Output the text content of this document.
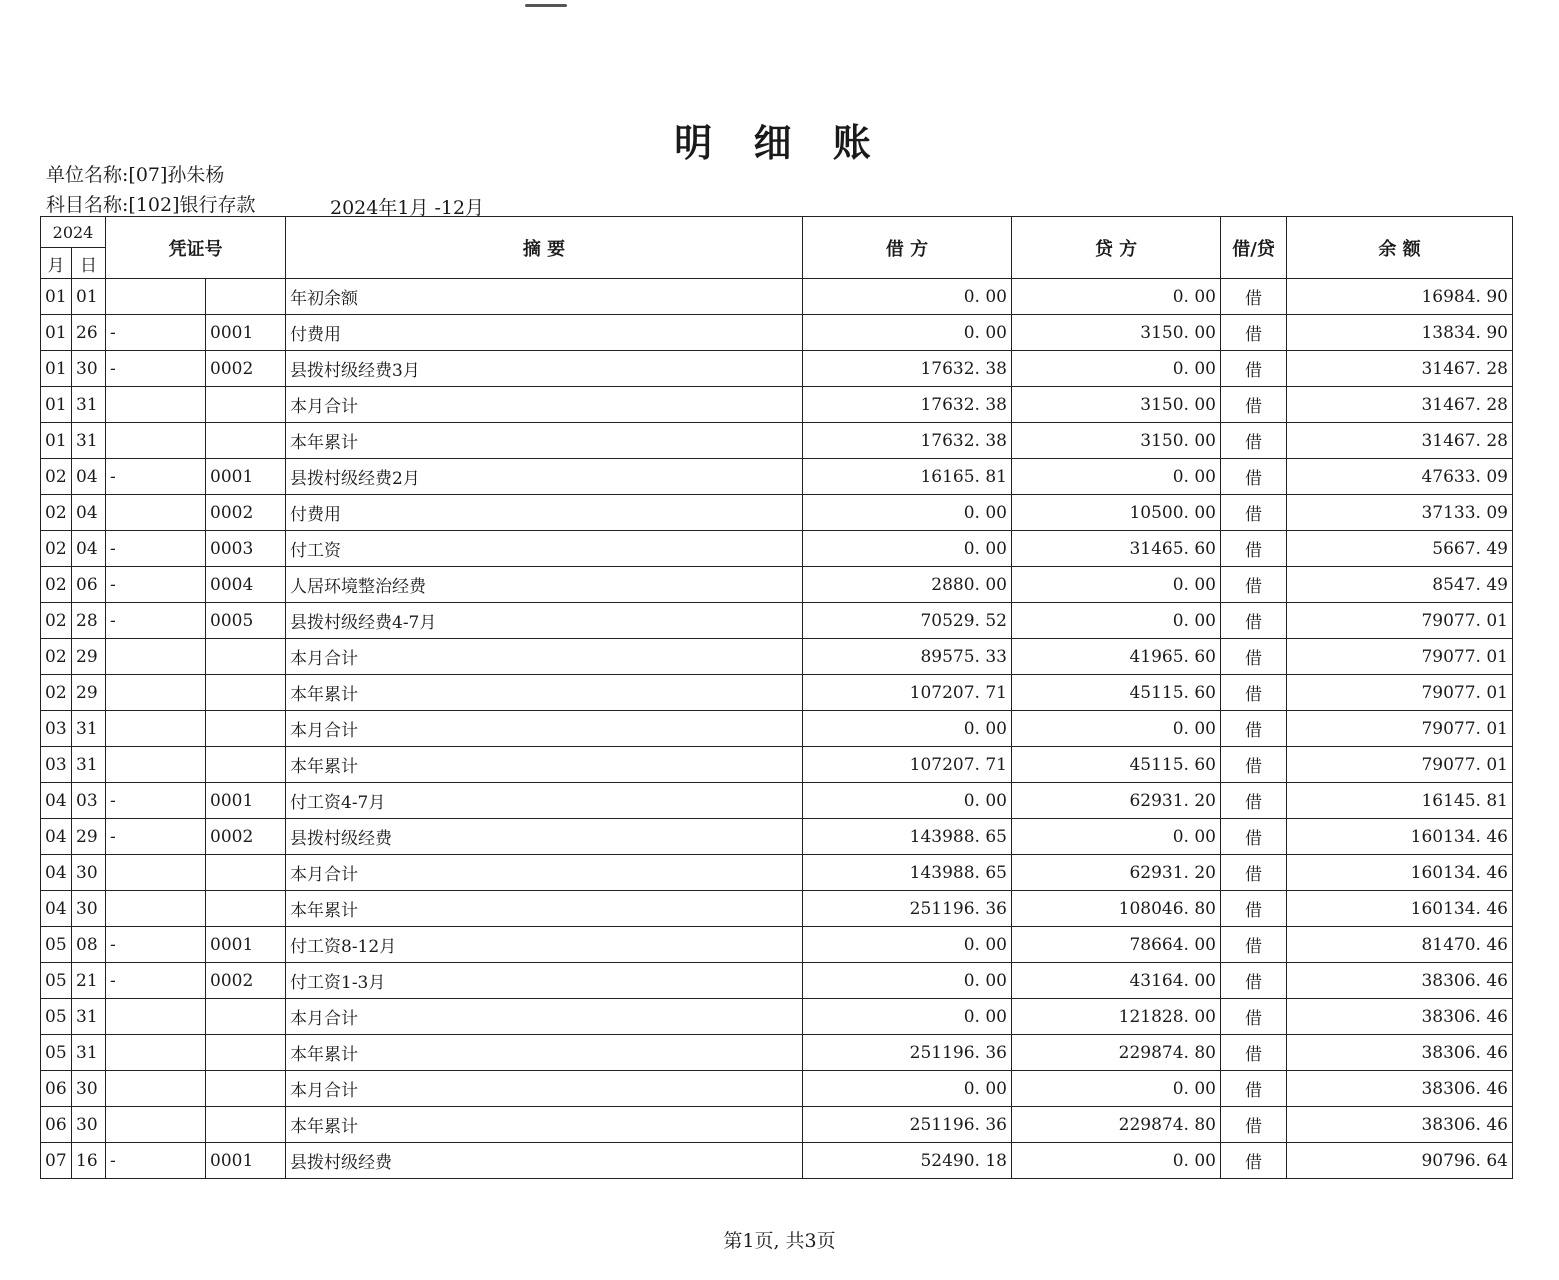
明 细 账
单位名称:[07]孙朱杨
科目名称:[102]银行存款	2024年1月 -12月
2024		凭证号		摘 要	借 方	贷 方	借/贷	余 额
月	日							
01	01			年初余额	0. 00	0. 00	借	16984. 90
01	26	-	0001	付费用	0. 00	3150. 00	借	13834. 90
01	30	-	0002	县拨村级经费3月	17632. 38	0. 00	借	31467. 28
01	31			本月合计	17632. 38	3150. 00	借	31467. 28
01	31			本年累计	17632. 38	3150. 00	借	31467. 28
02	04	-	0001	县拨村级经费2月	16165. 81	0. 00	借	47633. 09
02	04		0002	付费用	0. 00	10500. 00	借	37133. 09
02	04	-	0003	付工资	0. 00	31465. 60	借	5667. 49
02	06	-	0004	人居环境整治经费	2880. 00	0. 00	借	8547. 49
02	28	-	0005	县拨村级经费4-7月	70529. 52	0. 00	借	79077. 01
02	29			本月合计	89575. 33	41965. 60	借	79077. 01
02	29			本年累计	107207. 71	45115. 60	借	79077. 01
03	31			本月合计	0. 00	0. 00	借	79077. 01
03	31			本年累计	107207. 71	45115. 60	借	79077. 01
04	03	-	0001	付工资4-7月	0. 00	62931. 20	借	16145. 81
04	29	-	0002	县拨村级经费	143988. 65	0. 00	借	160134. 46
04	30			本月合计	143988. 65	62931. 20	借	160134. 46
04	30			本年累计	251196. 36	108046. 80	借	160134. 46
05	08	-	0001	付工资8-12月	0. 00	78664. 00	借	81470. 46
05	21	-	0002	付工资1-3月	0. 00	43164. 00	借	38306. 46
05	31			本月合计	0. 00	121828. 00	借	38306. 46
05	31			本年累计	251196. 36	229874. 80	借	38306. 46
06	30			本月合计	0. 00	0. 00	借	38306. 46
06	30			本年累计	251196. 36	229874. 80	借	38306. 46
07	16	-	0001	县拨村级经费	52490. 18	0. 00	借	90796. 64
第1页, 共3页
